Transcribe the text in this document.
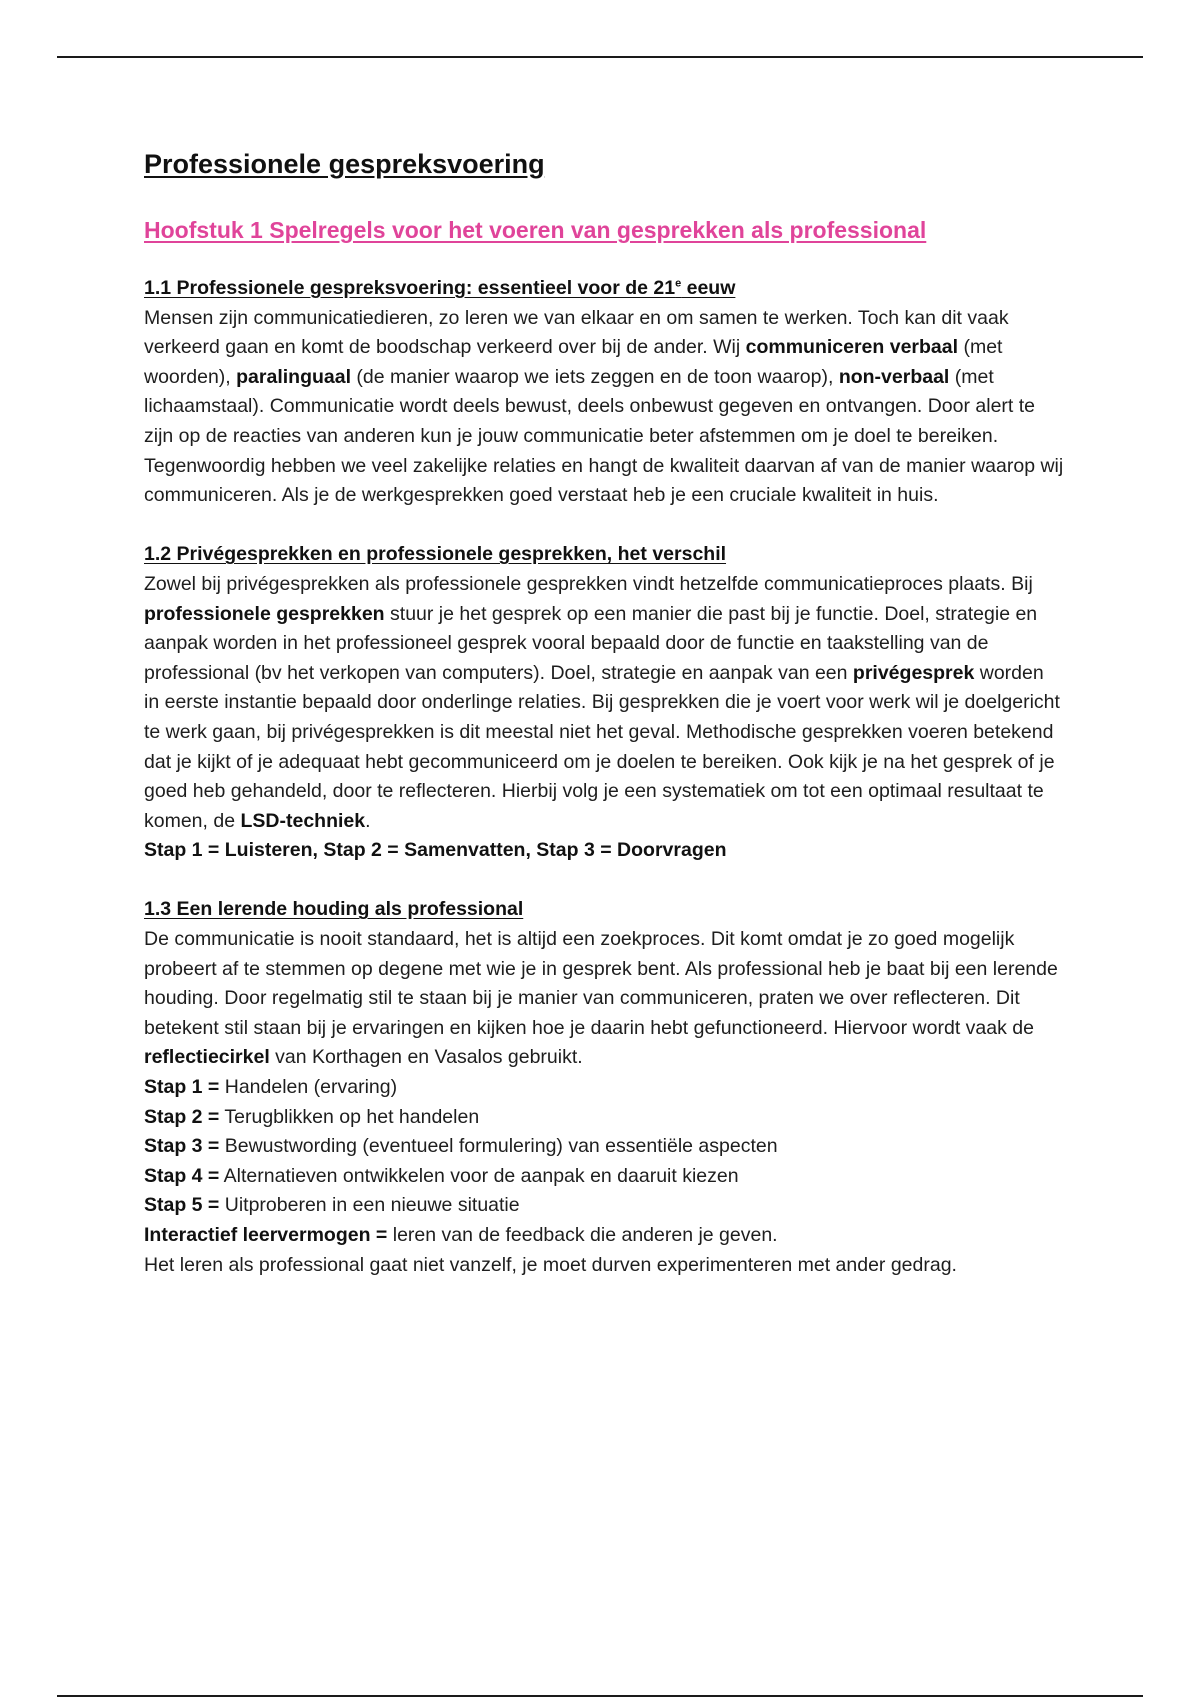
Professionele gespreksvoering
Hoofstuk 1 Spelregels voor het voeren van gesprekken als professional
1.1 Professionele gespreksvoering: essentieel voor de 21e eeuw

Mensen zijn communicatiedieren, zo leren we van elkaar en om samen te werken. Toch kan dit vaak verkeerd gaan en komt de boodschap verkeerd over bij de ander. Wij communiceren verbaal (met woorden), paralinguaal (de manier waarop we iets zeggen en de toon waarop), non-verbaal (met lichaamstaal). Communicatie wordt deels bewust, deels onbewust gegeven en ontvangen. Door alert te zijn op de reacties van anderen kun je jouw communicatie beter afstemmen om je doel te bereiken. Tegenwoordig hebben we veel zakelijke relaties en hangt de kwaliteit daarvan af van de manier waarop wij communiceren. Als je de werkgesprekken goed verstaat heb je een cruciale kwaliteit in huis.

1.2 Privégesprekken en professionele gesprekken, het verschil

Zowel bij privégesprekken als professionele gesprekken vindt hetzelfde communicatieproces plaats. Bij professionele gesprekken stuur je het gesprek op een manier die past bij je functie. Doel, strategie en aanpak worden in het professioneel gesprek vooral bepaald door de functie en taakstelling van de professional (bv het verkopen van computers). Doel, strategie en aanpak van een privégesprek worden in eerste instantie bepaald door onderlinge relaties. Bij gesprekken die je voert voor werk wil je doelgericht te werk gaan, bij privégesprekken is dit meestal niet het geval. Methodische gesprekken voeren betekend dat je kijkt of je adequaat hebt gecommuniceerd om je doelen te bereiken. Ook kijk je na het gesprek of je goed heb gehandeld, door te reflecteren. Hierbij volg je een systematiek om tot een optimaal resultaat te komen, de LSD-techniek.

Stap 1 = Luisteren, Stap 2 = Samenvatten, Stap 3 = Doorvragen
1.3 Een lerende houding als professional

De communicatie is nooit standaard, het is altijd een zoekproces. Dit komt omdat je zo goed mogelijk probeert af te stemmen op degene met wie je in gesprek bent. Als professional heb je baat bij een lerende houding. Door regelmatig stil te staan bij je manier van communiceren, praten we over reflecteren. Dit betekent stil staan bij je ervaringen en kijken hoe je daarin hebt gefunctioneerd. Hiervoor wordt vaak de reflectiecirkel van Korthagen en Vasalos gebruikt.

Stap 1 = Handelen (ervaring)
Stap 2 = Terugblikken op het handelen
Stap 3 = Bewustwording (eventueel formulering) van essentiële aspecten
Stap 4 = Alternatieven ontwikkelen voor de aanpak en daaruit kiezen
Stap 5 = Uitproberen in een nieuwe situatie
Interactief leervermogen = leren van de feedback die anderen je geven.

Het leren als professional gaat niet vanzelf, je moet durven experimenteren met ander gedrag.
